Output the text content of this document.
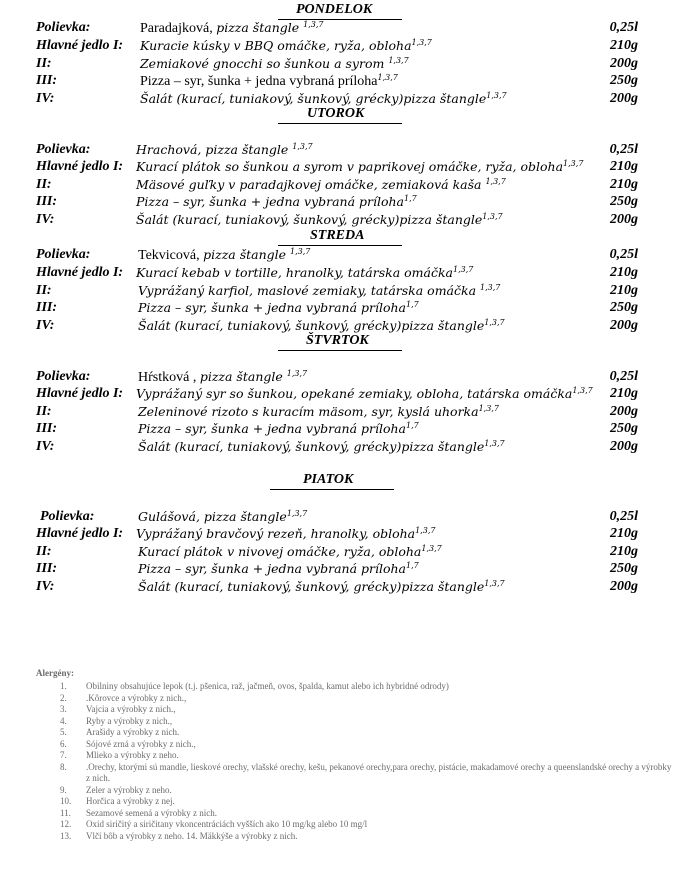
PONDELOK
Polievka:	Paradajková, pizza štangle $^{1,3,7}$	0,25l
Hlavné jedlo I: Kuracie kúsky v BBQ omáčke, ryža, obloha$^{1,3,7}$	210g
II:	Zemiakové gnocchi so šunkou a syrom $^{1,3,7}$	200g
III:	Pizza – syr, šunka + jedna vybraná príloha$^{1,3,7}$	250g
IV:	Šalát (kurací, tuniakový, šunkový, grécky)pizza štangle$^{1,3,7}$	200g
UTOROK
Polievka:	Hrachová, pizza štangle $^{1,3,7}$	0,25l
Hlavné jedlo I: Kurací plátok so šunkou a syrom v paprikovej omáčke, ryža, obloha$^{1,3,7}$ 210g
II:	Mäsové guľky v paradajkovej omáčke, zemiaková kaša $^{1,3,7}$	210g
III:	Pizza – syr, šunka + jedna vybraná príloha$^{1,7}$	250g
IV:	Šalát (kurací, tuniakový, šunkový, grécky)pizza štangle$^{1,3,7}$	200g
STREDA
Polievka:	Tekvicová, pizza štangle $^{1,3,7}$	0,25l
Hlavné jedlo I: Kurací kebab v tortille, hranolky, tatárska omáčka$^{1,3,7}$	210g
II:	Vyprážaný karfiol, maslové zemiaky, tatárska omáčka $^{1,3,7}$	210g
III:	Pizza – syr, šunka + jedna vybraná príloha$^{1,7}$	250g
IV:	Šalát (kurací, tuniakový, šunkový, grécky)pizza štangle$^{1,3,7}$	200g
ŠTVRTOK
Polievka:	Hŕstková , pizza štangle $^{1,3,7}$	0,25l
Hlavné jedlo I: Vyprážaný syr so šunkou, opekané zemiaky, obloha, tatárska omáčka$^{1,3,7}$ 210g
II:	Zeleninové rizoto s kuracím mäsom, syr, kyslá uhorka$^{1,3,7}$	200g
III:	Pizza – syr, šunka + jedna vybraná príloha$^{1,7}$	250g
IV:	Šalát (kurací, tuniakový, šunkový, grécky)pizza štangle$^{1,3,7}$	200g
PIATOK
Polievka:	Gulášová, pizza štangle$^{1,3,7}$	0,25l
Hlavné jedlo I: Vyprážaný bravčový rezeň, hranolky, obloha$^{1,3,7}$	210g
II:	Kurací plátok v nivovej omáčke, ryža, obloha$^{1,3,7}$	210g
III:	Pizza – syr, šunka + jedna vybraná príloha$^{1,7}$	250g
IV:	Šalát (kurací, tuniakový, šunkový, grécky)pizza štangle$^{1,3,7}$	200g
Alergény:
1. Obilniny obsahujúce lepok (t.j. pšenica, raž, jačmeň, ovos, špalda, kamut alebo ich hybridné odrody)
2. .Kôrovce a výrobky z nich.,
3. Vajcia a výrobky z nich.,
4. Ryby a výrobky z nich.,
5. Arašidy a výrobky z nich.
6. Sójové zrná a výrobky z nich.,
7. Mlieko a výrobky z neho.
8. .Orechy, ktorými sú mandle, lieskové orechy, vlašské orechy, kešu, pekanové orechy,para orechy, pistácie, makadamové orechy a queenslandské orechy a výrobky z nich.
9. Zeler a výrobky z neho.
10. Horčica a výrobky z nej.
11. Sezamové semená a výrobky z nich.
12. Oxid siričitý a siričitany vkoncentráciách vyšších ako 10 mg/kg alebo 10 mg/l
13. Vlčí bôb a výrobky z neho. 14. Mäkkýše a výrobky z nich.
